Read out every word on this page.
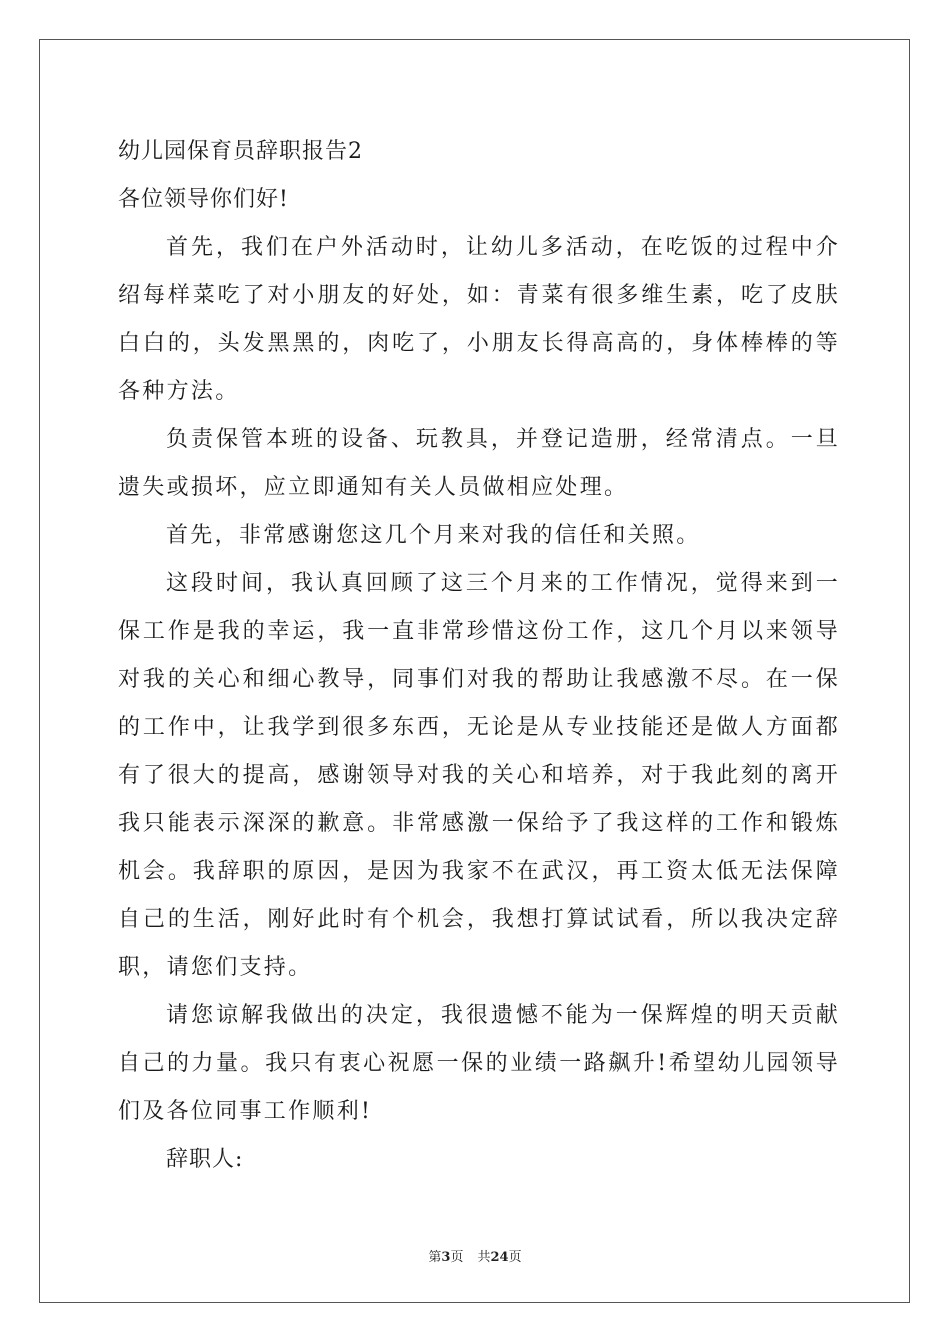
幼儿园保育员辞职报告2

各位领导你们好!

首先，我们在户外活动时，让幼儿多活动，在吃饭的过程中介绍每样菜吃了对小朋友的好处，如：青菜有很多维生素，吃了皮肤白白的，头发黑黑的，肉吃了，小朋友长得高高的，身体棒棒的等各种方法。

负责保管本班的设备、玩教具，并登记造册，经常清点。一旦遗失或损坏，应立即通知有关人员做相应处理。

首先，非常感谢您这几个月来对我的信任和关照。

这段时间，我认真回顾了这三个月来的工作情况，觉得来到一保工作是我的幸运，我一直非常珍惜这份工作，这几个月以来领导对我的关心和细心教导，同事们对我的帮助让我感激不尽。在一保的工作中，让我学到很多东西，无论是从专业技能还是做人方面都有了很大的提高，感谢领导对我的关心和培养，对于我此刻的离开我只能表示深深的歉意。非常感激一保给予了我这样的工作和锻炼机会。我辞职的原因，是因为我家不在武汉，再工资太低无法保障自己的生活，刚好此时有个机会，我想打算试试看，所以我决定辞职，请您们支持。

请您谅解我做出的决定，我很遗憾不能为一保辉煌的明天贡献自己的力量。我只有衷心祝愿一保的业绩一路飙升!希望幼儿园领导们及各位同事工作顺利!

辞职人:

第3页 共24页
